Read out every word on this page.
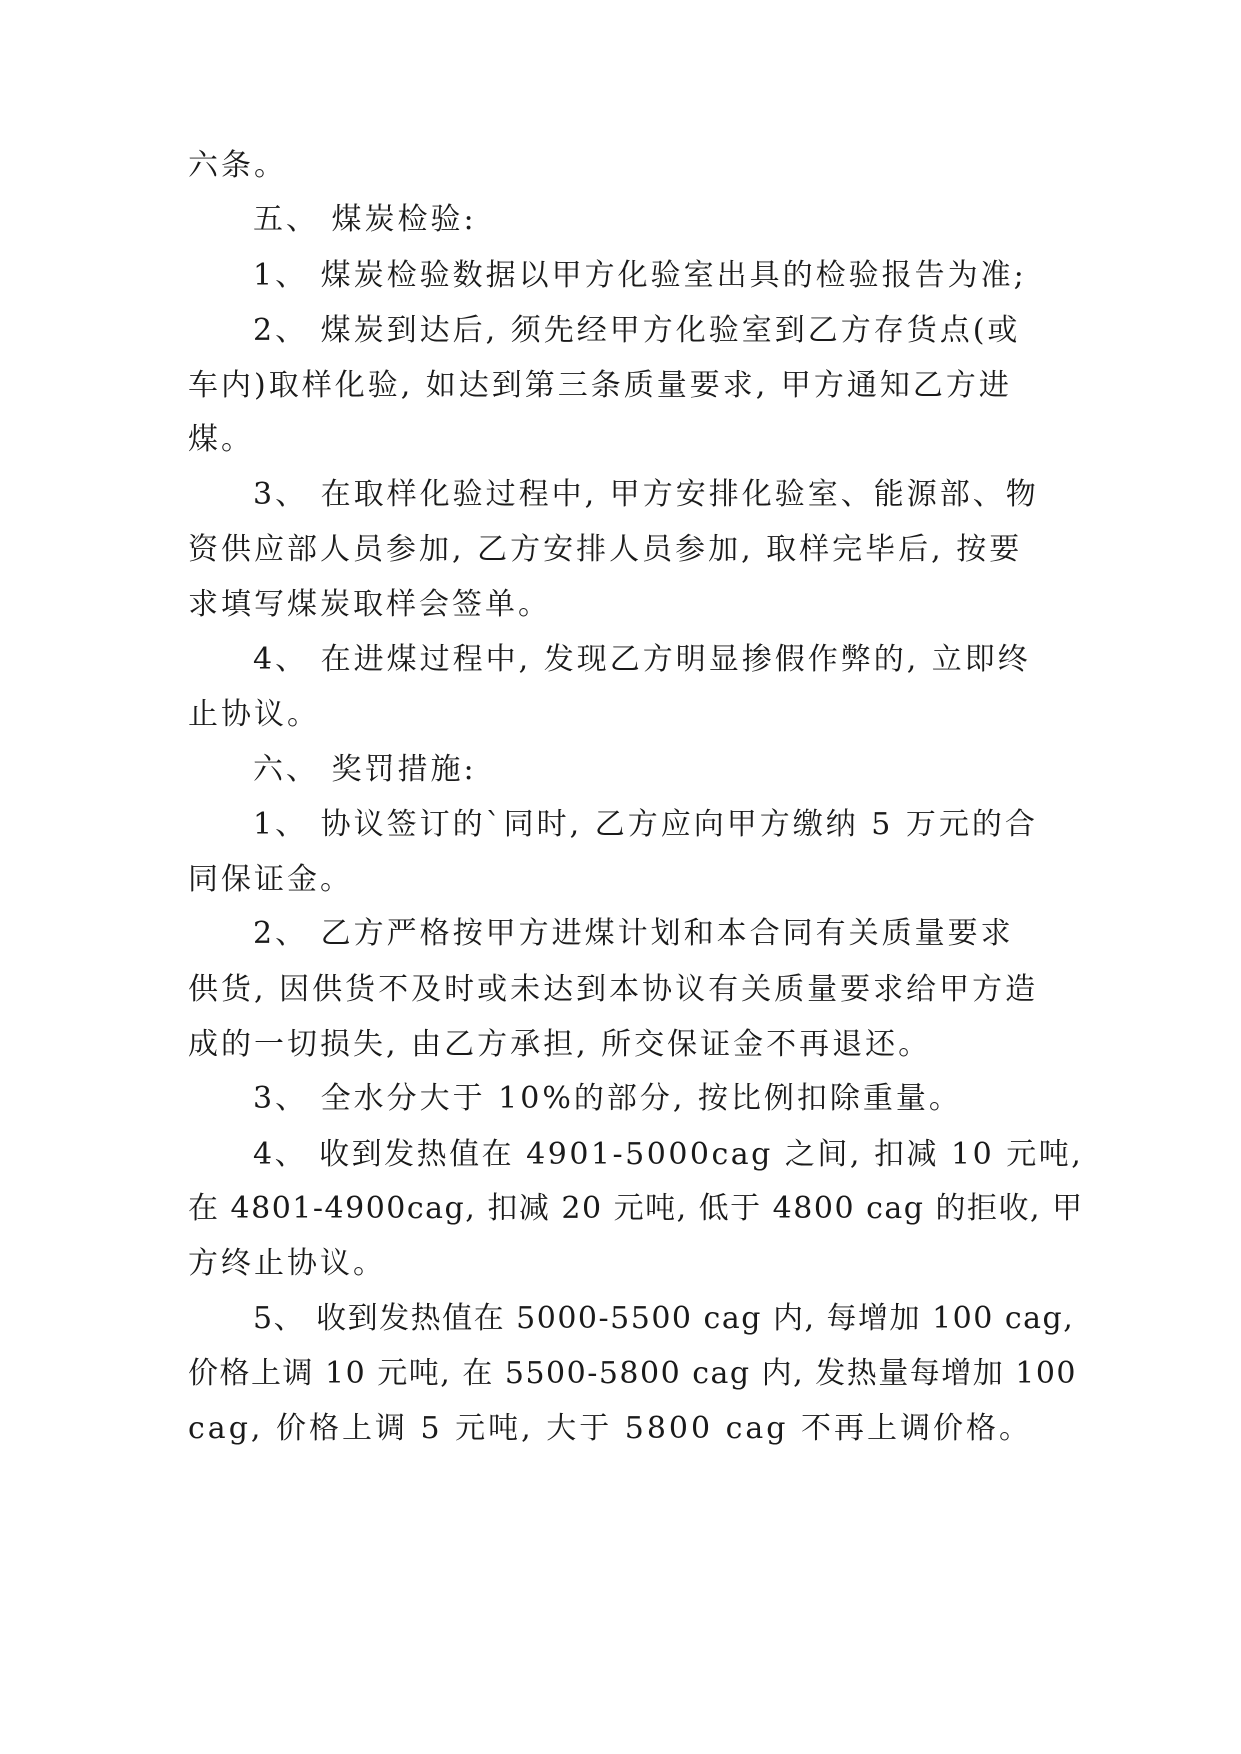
六条。
五、 煤炭检验:
1、 煤炭检验数据以甲方化验室出具的检验报告为准;
2、 煤炭到达后, 须先经甲方化验室到乙方存货点(或
车内)取样化验, 如达到第三条质量要求, 甲方通知乙方进
煤。
3、 在取样化验过程中, 甲方安排化验室、能源部、物
资供应部人员参加, 乙方安排人员参加, 取样完毕后, 按要
求填写煤炭取样会签单。
4、 在进煤过程中, 发现乙方明显掺假作弊的, 立即终
止协议。
六、 奖罚措施:
1、 协议签订的`同时, 乙方应向甲方缴纳 5 万元的合
同保证金。
2、 乙方严格按甲方进煤计划和本合同有关质量要求
供货, 因供货不及时或未达到本协议有关质量要求给甲方造
成的一切损失, 由乙方承担, 所交保证金不再退还。
3、 全水分大于 10%的部分, 按比例扣除重量。
4、 收到发热值在 4901-5000cag 之间, 扣减 10 元吨,
在 4801-4900cag, 扣减 20 元吨, 低于 4800 cag 的拒收, 甲
方终止协议。
5、 收到发热值在 5000-5500 cag 内, 每增加 100 cag,
价格上调 10 元吨, 在 5500-5800 cag 内, 发热量每增加 100
cag, 价格上调 5 元吨, 大于 5800 cag 不再上调价格。
